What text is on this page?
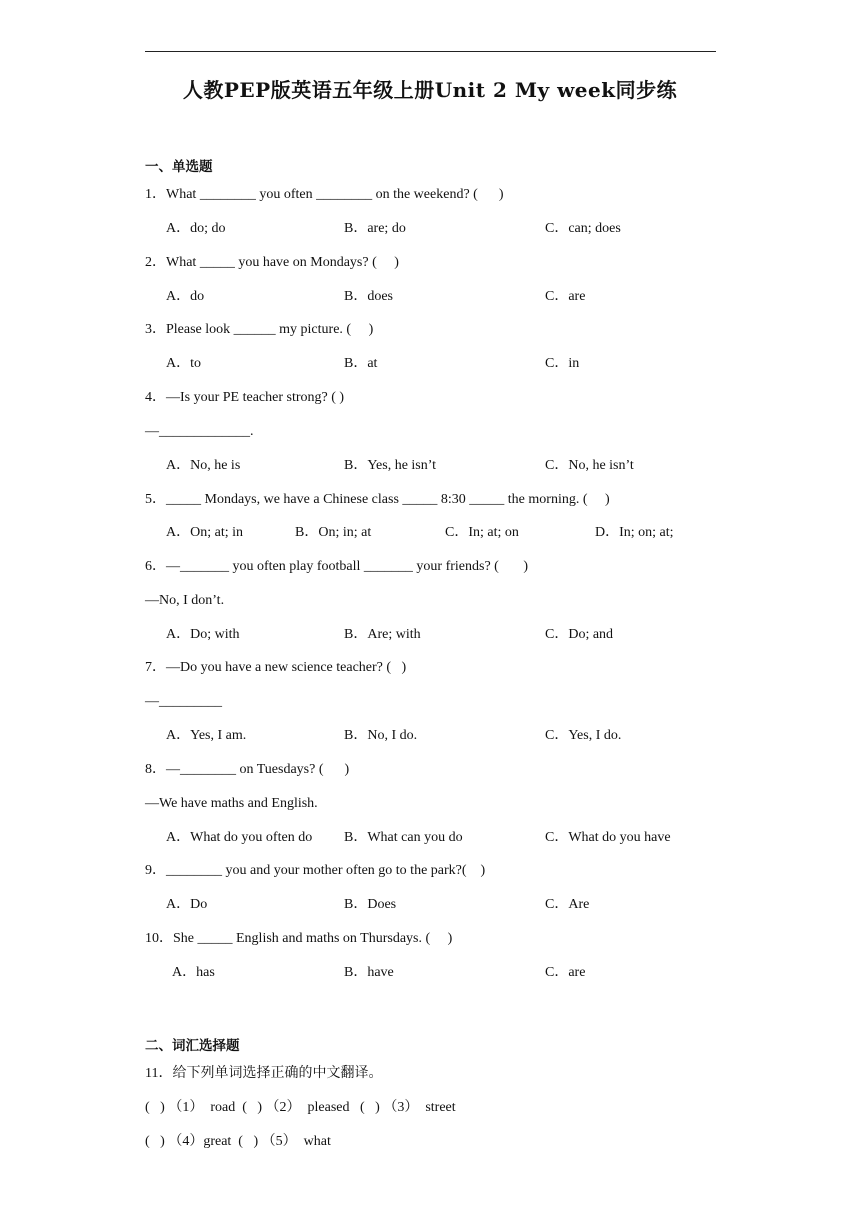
人教PEP版英语五年级上册Unit 2 My week同步练
一、单选题
1．What ________ you often ________ on the weekend? (      )
A．do; do	B．are; do	C．can; does
2．What _____ you have on Mondays? (     )
A．do	B．does	C．are
3．Please look ______ my picture. (     )
A．to	B．at	C．in
4．—Is your PE teacher strong? ( )
—_____________.
A．No, he is	B．Yes, he isn’t	C．No, he isn’t
5．_____ Mondays, we have a Chinese class _____ 8:30 _____ the morning. (     )
A．On; at; in	B．On; in; at	C．In; at; on	D．In; on; at;
6．—_______ you often play football _______ your friends? (       )
—No, I don’t.
A．Do; with	B．Are; with	C．Do; and
7．—Do you have a new science teacher? (   )
—_________
A．Yes, I am.	B．No, I do.	C．Yes, I do.
8．—________ on Tuesdays? (      )
—We have maths and English.
A．What do you often do B．What can you do	C．What do you have
9．________ you and your mother often go to the park?(    )
A．Do	B．Does	C．Are
10．She _____ English and maths on Thursdays. (     )
A．has	B．have	C．are
二、词汇选择题
11．给下列单词选择正确的中文翻译。
(   ) （1）  road  (   ) （2）  pleased   (   ) （3）  street
(   ) （4）great  (   ) （5）  what
